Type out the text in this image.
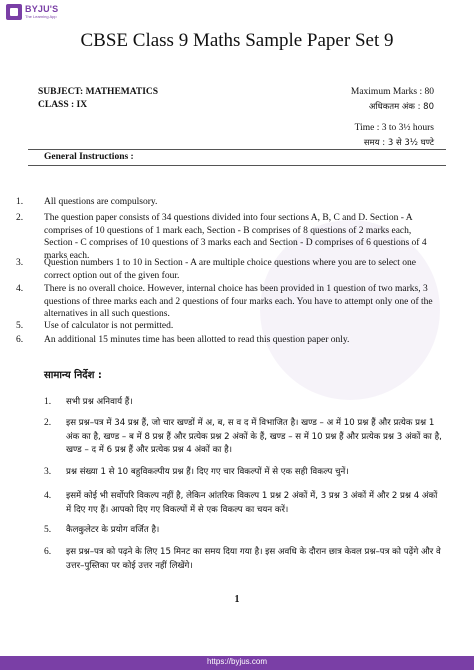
BYJU'S
The Learning App
CBSE Class 9 Maths Sample Paper Set 9
SUBJECT: MATHEMATICS
CLASS : IX
Maximum Marks : 80
अधिकतम अंक : 80
Time : 3 to 3½ hours
समय : 3 से 3½ घण्टे
General Instructions :
1.	All questions are compulsory.
2.	The question paper consists of 34 questions divided into four sections A, B, C and D. Section - A comprises of 10 questions of 1 mark each, Section - B comprises of 8 questions of 2 marks each, Section - C comprises of 10 questions of 3 marks each and Section - D comprises of 6 questions of 4 marks each.
3.	Question numbers 1 to 10 in Section - A are multiple choice questions where you are to select one correct option out of the given four.
4.	There is no overall choice. However, internal choice has been provided in 1 question of two marks, 3 questions of three marks each and 2 questions of four marks each. You have to attempt only one of the alternatives in all such questions.
5.	Use of calculator is not permitted.
6.	An additional 15 minutes time has been allotted to read this question paper only.
सामान्य निर्देश :
1.	सभी प्रश्न अनिवार्य हैं।
2.	इस प्रश्न–पत्र में 34 प्रश्न हैं, जो चार खण्डों में अ, ब, स व द में विभाजित है। खण्ड – अ में 10 प्रश्न हैं और प्रत्येक प्रश्न 1 अंक का है, खण्ड – ब में 8 प्रश्न हैं और प्रत्येक प्रश्न 2 अंकों के हैं, खण्ड – स में 10 प्रश्न हैं और प्रत्येक प्रश्न 3 अंकों का है, खण्ड – द में 6 प्रश्न हैं और प्रत्येक प्रश्न 4 अंकों का है।
3.	प्रश्न संख्या 1 से 10 बहुविकल्पीय प्रश्न हैं। दिए गए चार विकल्पों में से एक सही विकल्प चुनें।
4.	इसमें कोई भी सर्वोपरि विकल्प नहीं है, लेकिन आंतरिक विकल्प 1 प्रश्न 2 अंकों में, 3 प्रश्न 3 अंकों में और 2 प्रश्न 4 अंकों में दिए गए हैं। आपको दिए गए विकल्पों में से एक विकल्प का चयन करें।
5.	कैलकुलेटर के प्रयोग वर्जित है।
6.	इस प्रश्न–पत्र को पढ़ने के लिए 15 मिनट का समय दिया गया है। इस अवधि के दौरान छात्र केवल प्रश्न–पत्र को पढ़ेंगे और वे उत्तर–पुस्तिका पर कोई उत्तर नहीं लिखेंगे।
1
https://byjus.com
